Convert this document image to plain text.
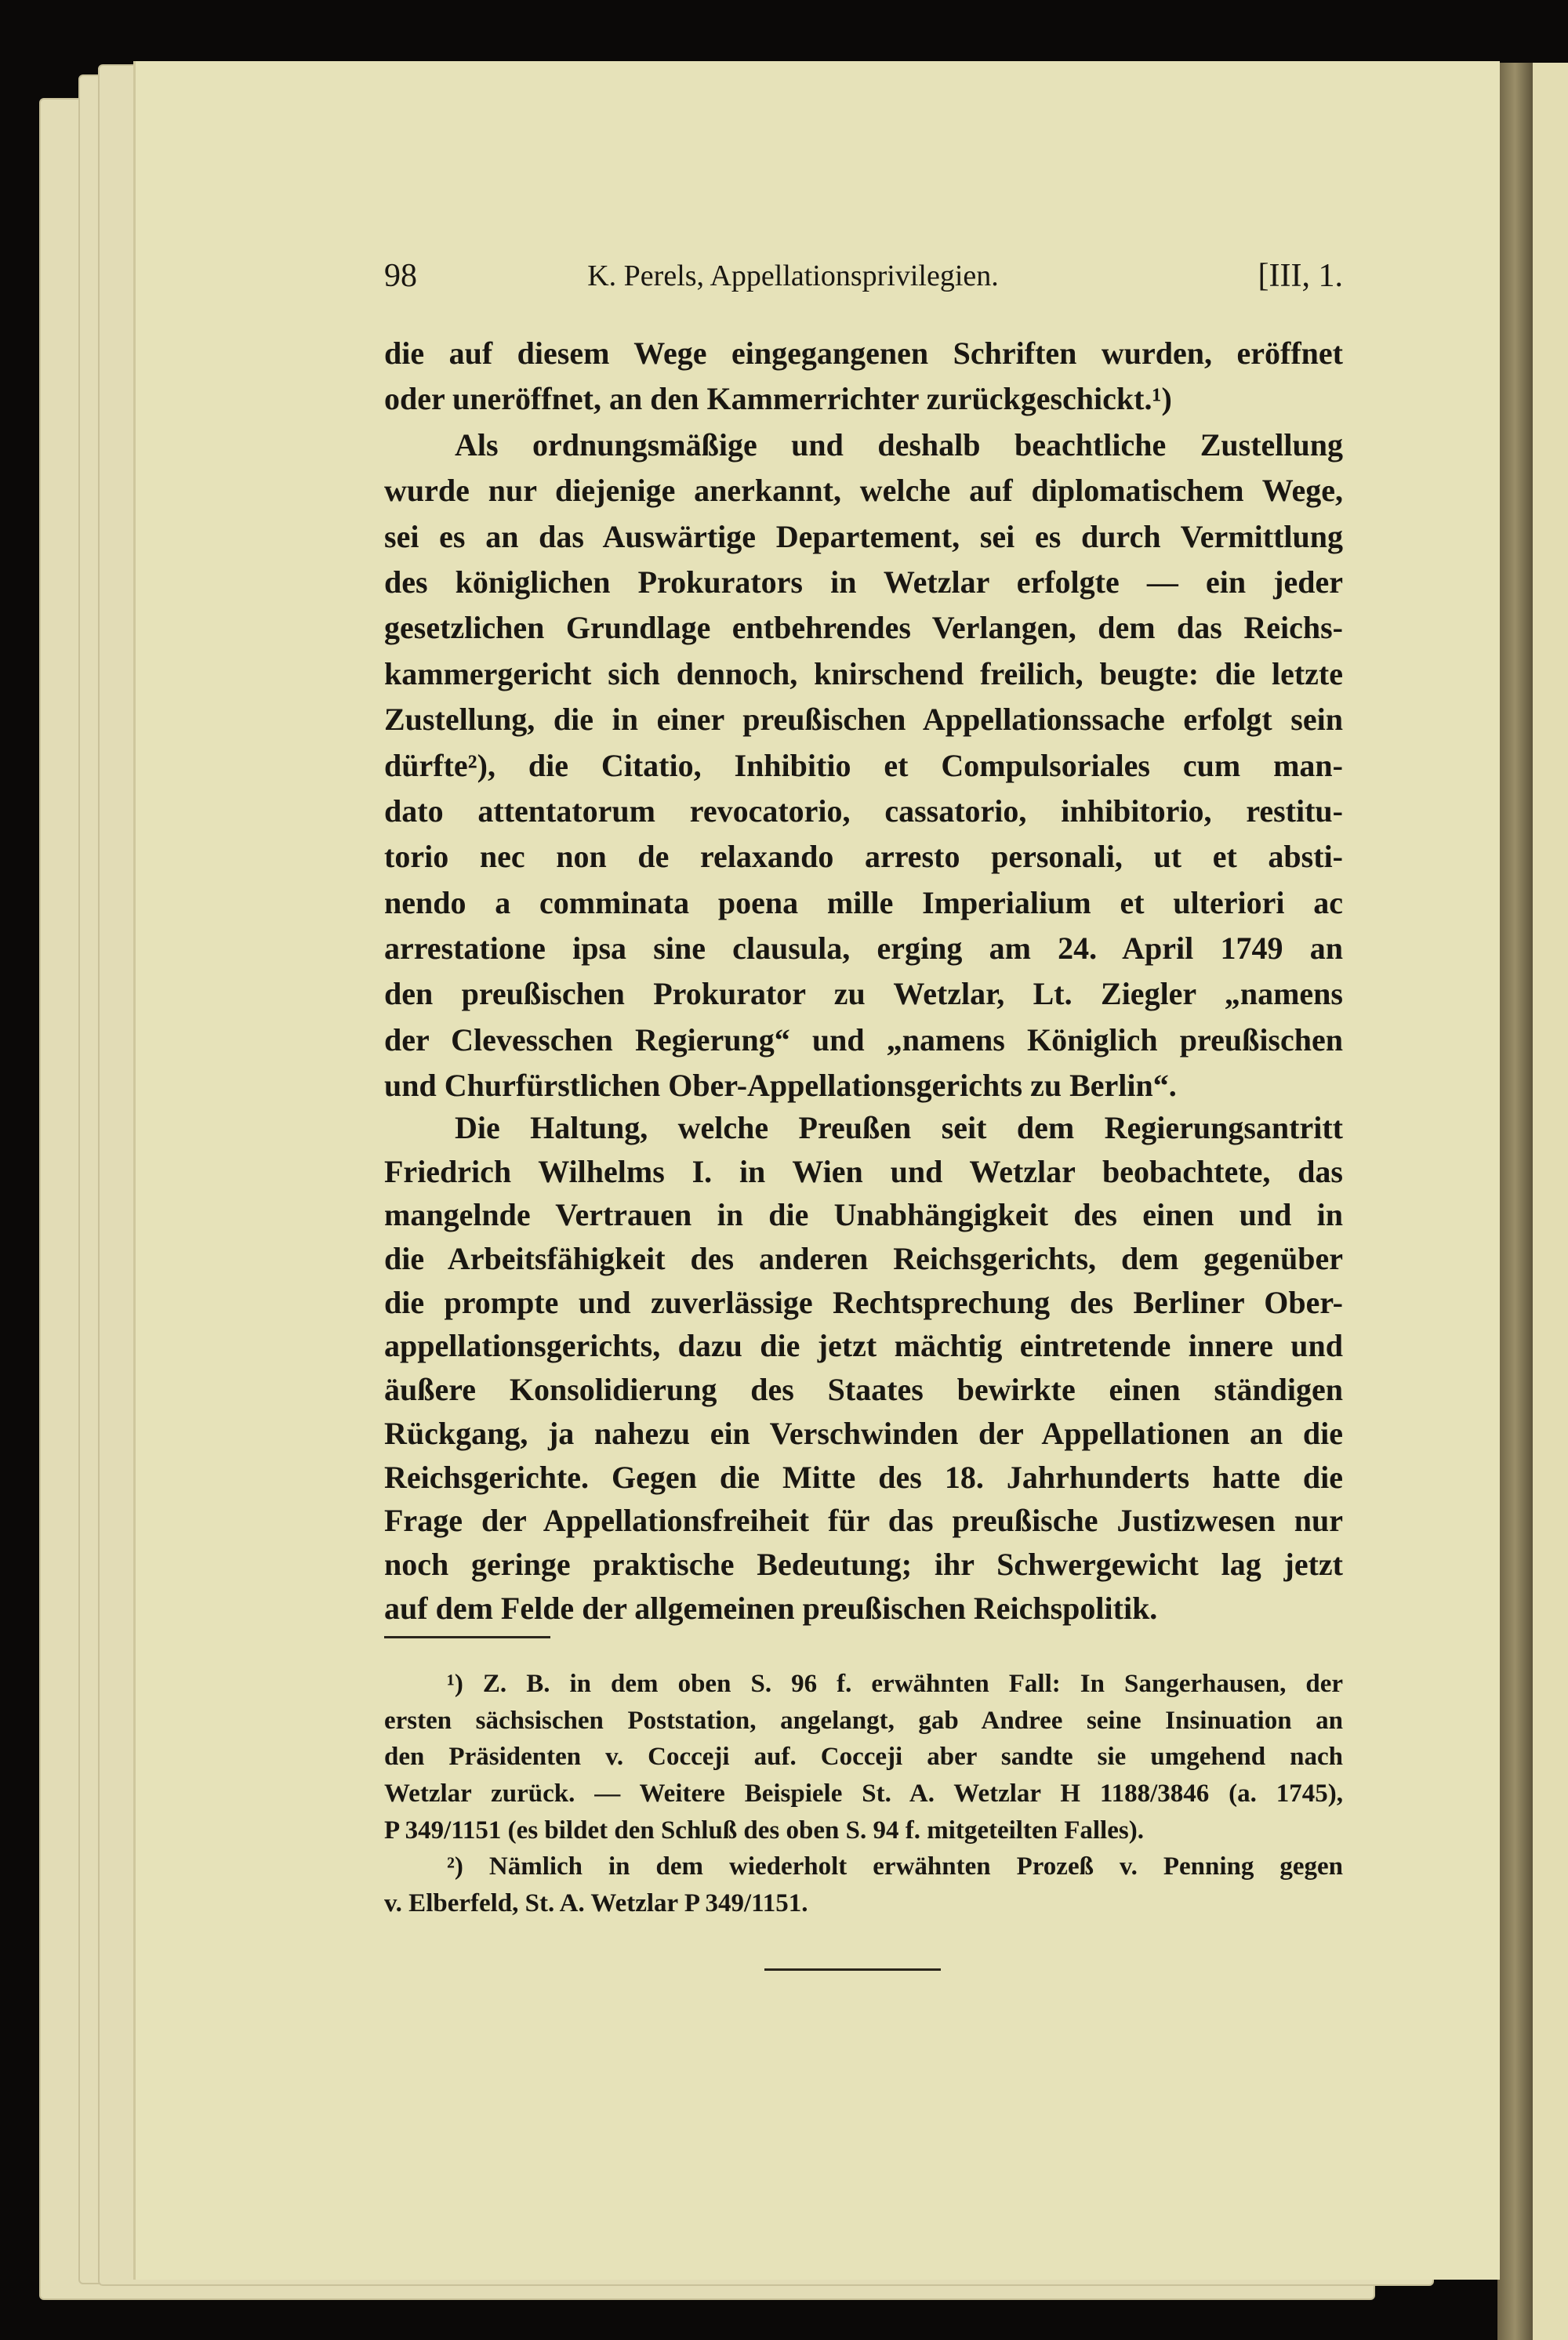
98	K. Perels, Appellationsprivilegien.	[III, 1.
die auf diesem Wege eingegangenen Schriften wurden, eröffnet
oder uneröffnet, an den Kammerrichter zurückgeschickt.¹)
Als ordnungsmäßige und deshalb beachtliche Zustellung
wurde nur diejenige anerkannt, welche auf diplomatischem Wege,
sei es an das Auswärtige Departement, sei es durch Vermittlung
des königlichen Prokurators in Wetzlar erfolgte — ein jeder
gesetzlichen Grundlage entbehrendes Verlangen, dem das Reichs-
kammergericht sich dennoch, knirschend freilich, beugte: die letzte
Zustellung, die in einer preußischen Appellationssache erfolgt sein
dürfte²), die Citatio, Inhibitio et Compulsoriales cum man-
dato attentatorum revocatorio, cassatorio, inhibitorio, restitu-
torio nec non de relaxando arresto personali, ut et absti-
nendo a comminata poena mille Imperialium et ulteriori ac
arrestatione ipsa sine clausula, erging am 24. April 1749 an
den preußischen Prokurator zu Wetzlar, Lt. Ziegler „namens
der Clevesschen Regierung“ und „namens Königlich preußischen
und Churfürstlichen Ober-Appellationsgerichts zu Berlin“.
Die Haltung, welche Preußen seit dem Regierungsantritt
Friedrich Wilhelms I. in Wien und Wetzlar beobachtete, das
mangelnde Vertrauen in die Unabhängigkeit des einen und in
die Arbeitsfähigkeit des anderen Reichsgerichts, dem gegenüber
die prompte und zuverlässige Rechtsprechung des Berliner Ober-
appellationsgerichts, dazu die jetzt mächtig eintretende innere und
äußere Konsolidierung des Staates bewirkte einen ständigen
Rückgang, ja nahezu ein Verschwinden der Appellationen an die
Reichsgerichte. Gegen die Mitte des 18. Jahrhunderts hatte die
Frage der Appellationsfreiheit für das preußische Justizwesen nur
noch geringe praktische Bedeutung; ihr Schwergewicht lag jetzt
auf dem Felde der allgemeinen preußischen Reichspolitik.
¹) Z. B. in dem oben S. 96 f. erwähnten Fall: In Sangerhausen, der
ersten sächsischen Poststation, angelangt, gab Andree seine Insinuation an
den Präsidenten v. Cocceji auf. Cocceji aber sandte sie umgehend nach
Wetzlar zurück. — Weitere Beispiele St. A. Wetzlar H 1188/3846 (a. 1745),
P 349/1151 (es bildet den Schluß des oben S. 94 f. mitgeteilten Falles).
²) Nämlich in dem wiederholt erwähnten Prozeß v. Penning gegen
v. Elberfeld, St. A. Wetzlar P 349/1151.
